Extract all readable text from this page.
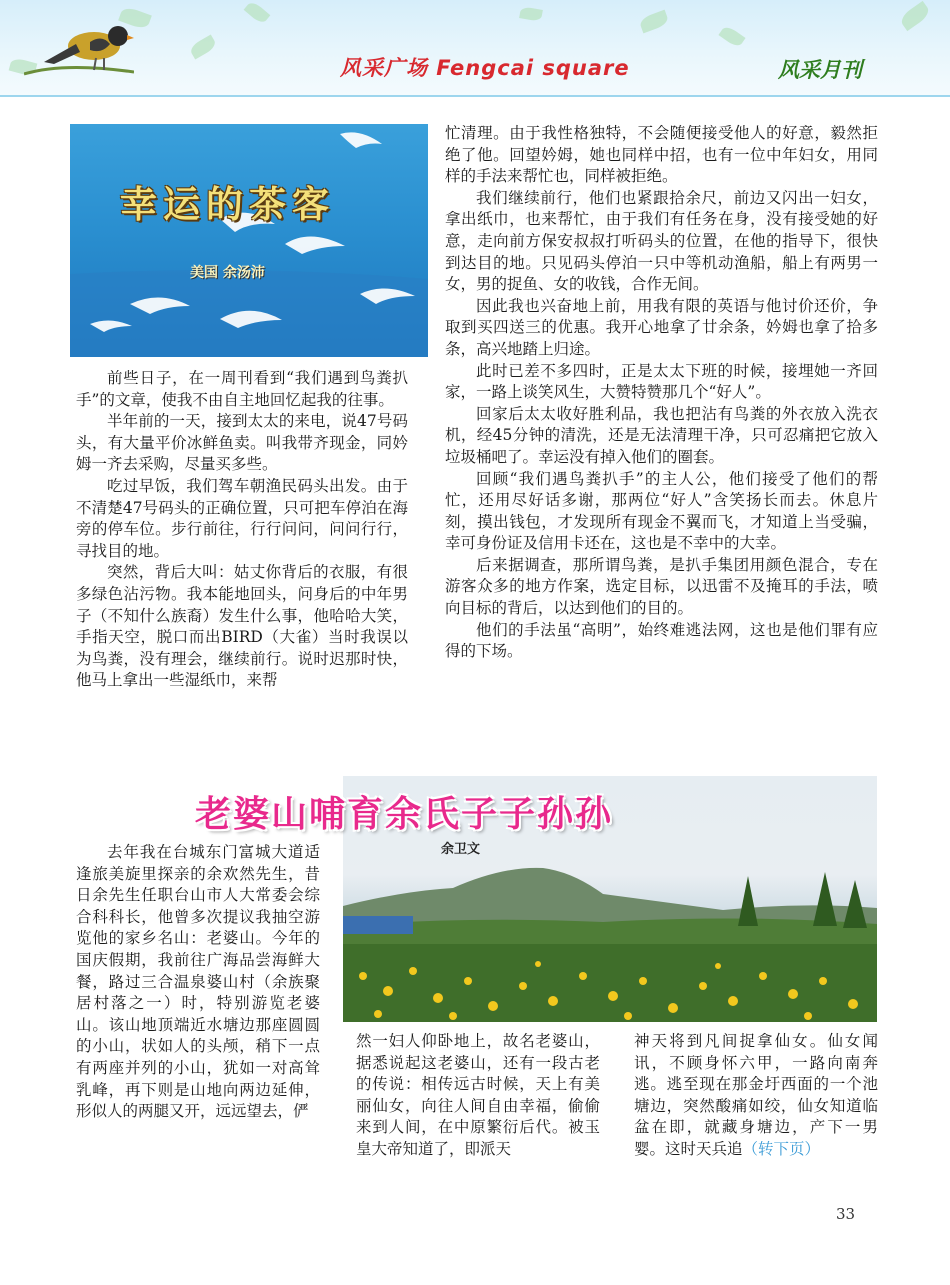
风采广场 Fengcai square	风采月刊
幸运的茶客
美国 余汤沛

前些日子，在一周刊看到“我们遇到鸟粪扒手”的文章，使我不由自主地回忆起我的往事。

半年前的一天，接到太太的来电，说47号码头，有大量平价冰鲜鱼卖。叫我带齐现金，同妗姆一齐去采购，尽量买多些。

吃过早饭，我们驾车朝渔民码头出发。由于不清楚47号码头的正确位置，只可把车停泊在海旁的停车位。步行前往，行行问问，问问行行，寻找目的地。

突然，背后大叫：姑丈你背后的衣服，有很多绿色沾污物。我本能地回头，问身后的中年男子（不知什么族裔）发生什么事，他哈哈大笑，手指天空，脱口而出BIRD（大雀）当时我误以为鸟粪，没有理会，继续前行。说时迟那时快，他马上拿出一些湿纸巾，来帮

忙清理。由于我性格独特，不会随便接受他人的好意，毅然拒绝了他。回望妗姆，她也同样中招，也有一位中年妇女，用同样的手法来帮忙也，同样被拒绝。

我们继续前行，他们也紧跟拾余尺，前边又闪出一妇女，拿出纸巾，也来帮忙，由于我们有任务在身，没有接受她的好意，走向前方保安叔叔打听码头的位置，在他的指导下，很快到达目的地。只见码头停泊一只中等机动渔船，船上有两男一女，男的捉鱼、女的收钱，合作无间。

因此我也兴奋地上前，用我有限的英语与他讨价还价，争取到买四送三的优惠。我开心地拿了廿余条，妗姆也拿了拾多条，高兴地踏上归途。

此时已差不多四时，正是太太下班的时候，接埋她一齐回家，一路上谈笑风生，大赞特赞那几个“好人”。

回家后太太收好胜利品，我也把沾有鸟粪的外衣放入洗衣机，经45分钟的清洗，还是无法清理干净，只可忍痛把它放入垃圾桶吧了。幸运没有掉入他们的圈套。

回顾“我们遇鸟粪扒手”的主人公，他们接受了他们的帮忙，还用尽好话多谢，那两位“好人”含笑扬长而去。休息片刻，摸出钱包，才发现所有现金不翼而飞，才知道上当受骗，幸可身份证及信用卡还在，这也是不幸中的大幸。

后来据调查，那所谓鸟粪，是扒手集团用颜色混合，专在游客众多的地方作案，选定目标，以迅雷不及掩耳的手法，喷向目标的背后，以达到他们的目的。

他们的手法虽“高明”，始终难逃法网，这也是他们罪有应得的下场。

老婆山哺育余氏子子孙孙
余卫文

去年我在台城东门富城大道适逢旅美旋里探亲的余欢然先生，昔日余先生任职台山市人大常委会综合科科长，他曾多次提议我抽空游览他的家乡名山：老婆山。今年的国庆假期，我前往广海品尝海鲜大餐，路过三合温泉婆山村（余族聚居村落之一）时，特别游览老婆山。该山地顶端近水塘边那座圆圆的小山，状如人的头颅，稍下一点有两座并列的小山，犹如一对高耸乳峰，再下则是山地向两边延伸，形似人的两腿又开，远远望去，俨

然一妇人仰卧地上，故名老婆山，据悉说起这老婆山，还有一段古老的传说：相传远古时候，天上有美丽仙女，向往人间自由幸福，偷偷来到人间，在中原繁衍后代。被玉皇大帝知道了，即派天

神天将到凡间捉拿仙女。仙女闻讯，不顾身怀六甲，一路向南奔逃。逃至现在那金圩西面的一个池塘边，突然酸痛如绞，仙女知道临盆在即，就藏身塘边，产下一男婴。这时天兵追（转下页）

33
